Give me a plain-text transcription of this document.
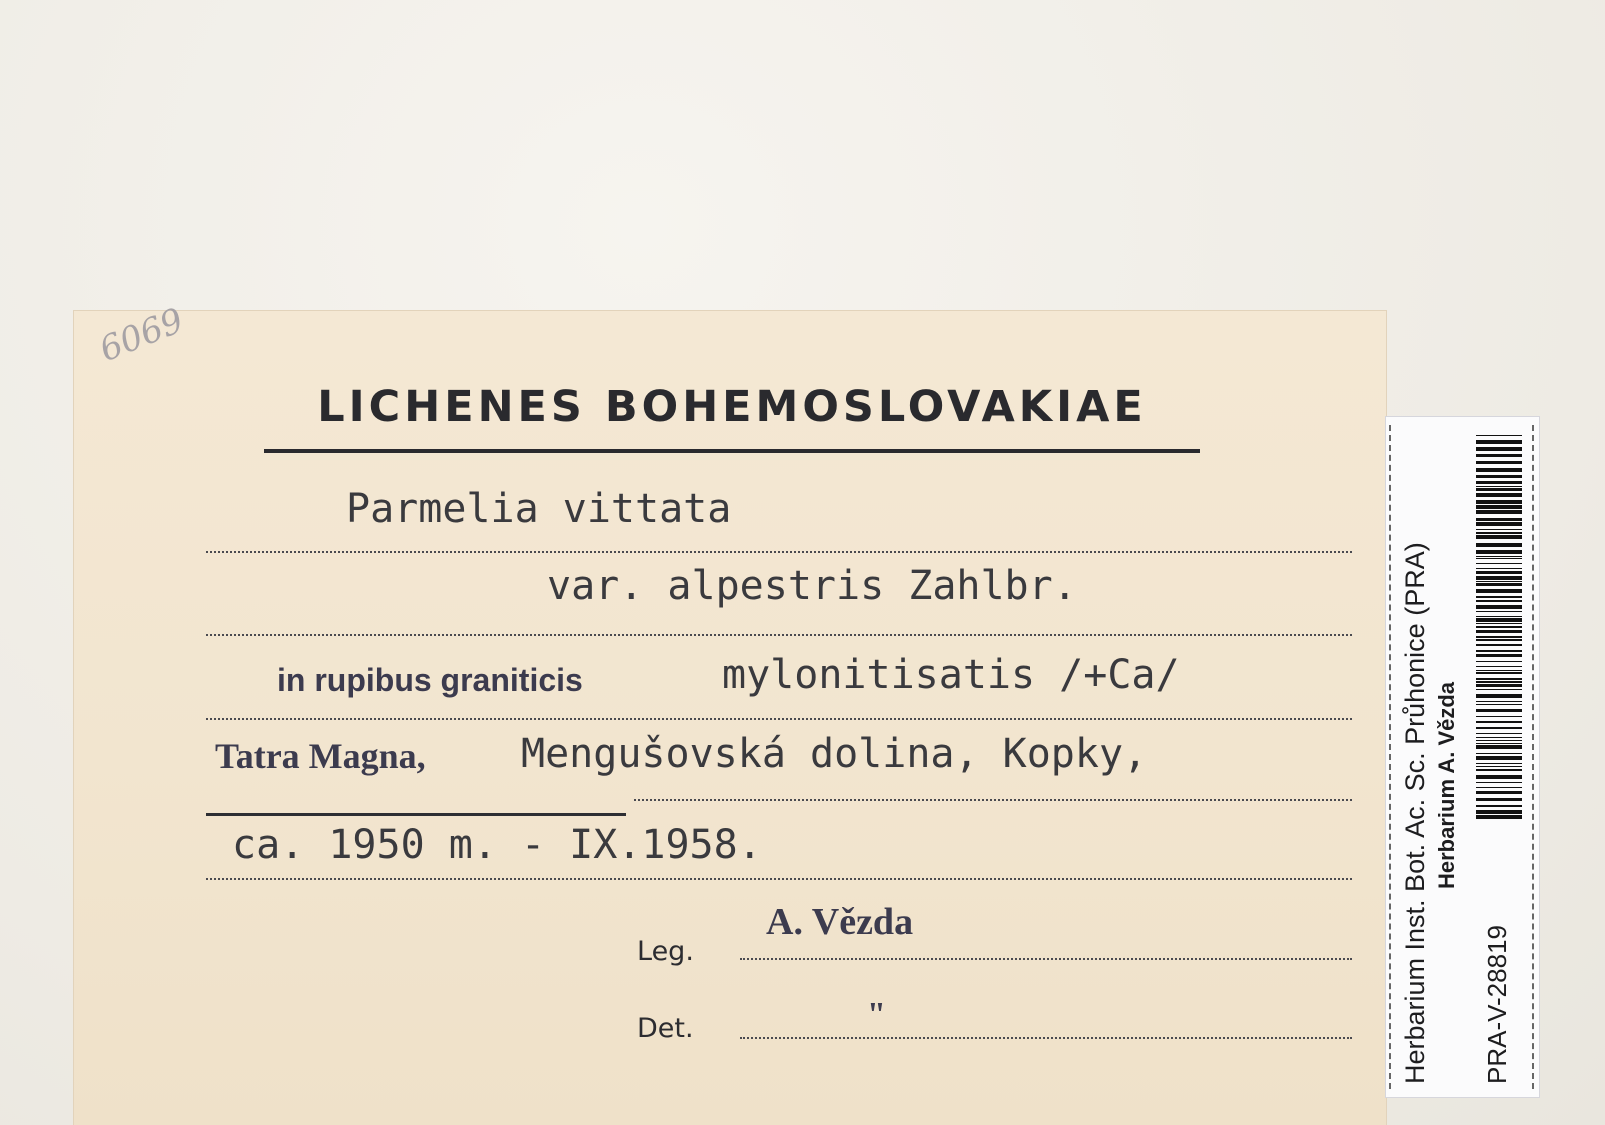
6069
LICHENES BOHEMOSLOVAKIAE
Parmelia vittata
var. alpestris Zahlbr.
in rupibus graniticis	mylonitisatis /+Ca/
Tatra Magna, Mengušovská dolina, Kopky,
ca. 1950 m. - IX.1958.
Leg.
A. Vězda
Det.	"	Herbarium Inst. Bot. Ac. Sc. Průhonice (PRA) Herbarium A. Vězda
PRA-V-28819
